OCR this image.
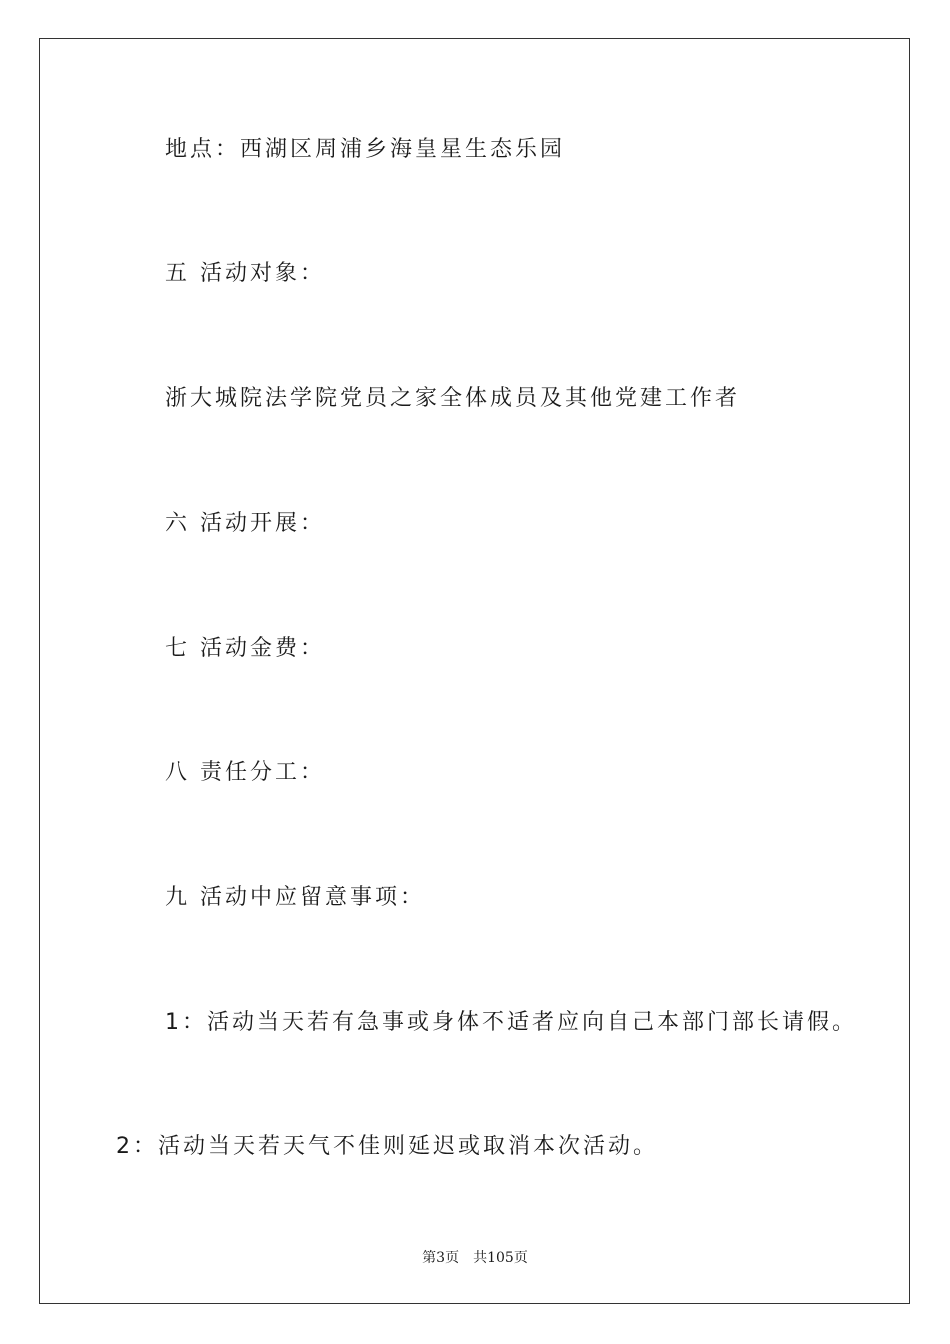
地点：西湖区周浦乡海皇星生态乐园
五 活动对象：
浙大城院法学院党员之家全体成员及其他党建工作者
六 活动开展：
七 活动金费：
八 责任分工：
九 活动中应留意事项：
1：活动当天若有急事或身体不适者应向自己本部门部长请假。
2：活动当天若天气不佳则延迟或取消本次活动。
第3页 共105页
